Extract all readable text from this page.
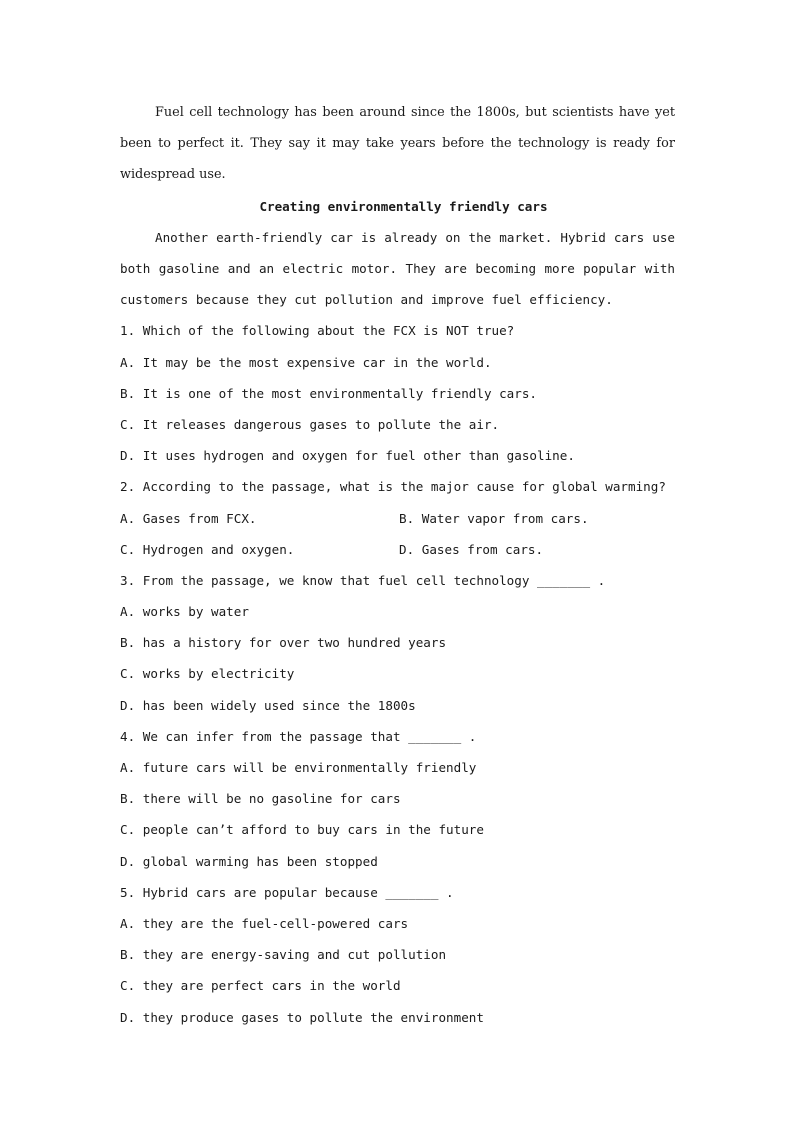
Fuel cell technology has been around since the 1800s, but scientists have yet been to perfect it. They say it may take years before the technology is ready for widespread use.
Creating environmentally friendly cars
Another earth-friendly car is already on the market. Hybrid cars use both gasoline and an electric motor. They are becoming more popular with customers because they cut pollution and improve fuel efficiency.
1. Which of the following about the FCX is NOT true?
A. It may be the most expensive car in the world.
B. It is one of the most environmentally friendly cars.
C. It releases dangerous gases to pollute the air.
D. It uses hydrogen and oxygen for fuel other than gasoline.
2. According to the passage, what is the major cause for global warming?
A. Gases from FCX.	B. Water vapor from cars.
C. Hydrogen and oxygen.	D. Gases from cars.
3. From the passage, we know that fuel cell technology _______ .
A. works by water
B. has a history for over two hundred years
C. works by electricity
D. has been widely used since the 1800s
4. We can infer from the passage that _______ .
A. future cars will be environmentally friendly
B. there will be no gasoline for cars
C. people can’t afford to buy cars in the future
D. global warming has been stopped
5. Hybrid cars are popular because _______ .
A. they are the fuel-cell-powered cars
B. they are energy-saving and cut pollution
C. they are perfect cars in the world
D. they produce gases to pollute the environment
